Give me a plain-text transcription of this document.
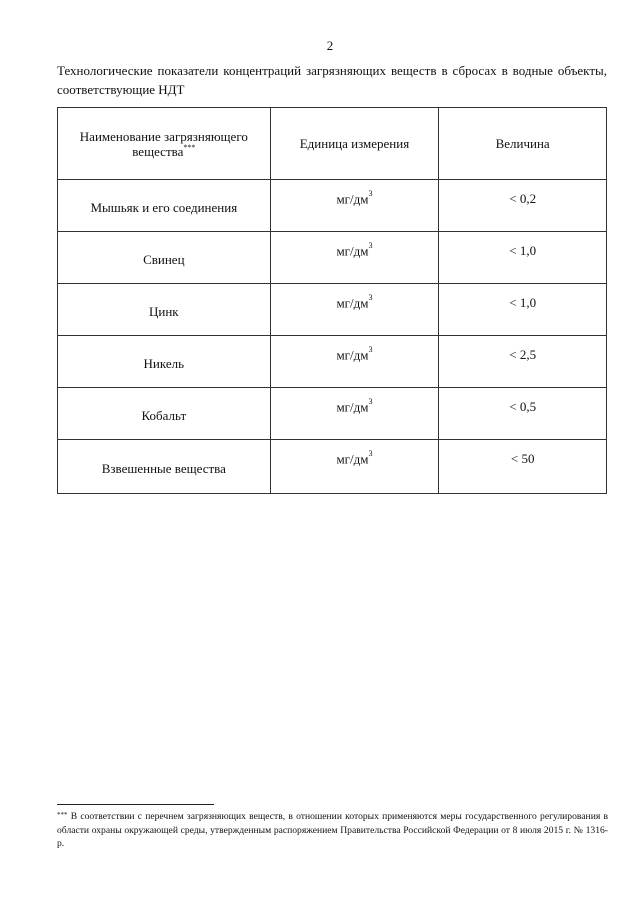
2
Технологические показатели концентраций загрязняющих веществ в сбросах в водные объекты, соответствующие НДТ
Наименование загрязняющего вещества***	Единица измерения	Величина
Мышьяк и его соединения	$мг/дм^3$	< 0,2
Свинец	$мг/дм^3$	< 1,0
Цинк	$мг/дм^3$	< 1,0
Никель	$мг/дм^3$	< 2,5
Кобальт	$мг/дм^3$	< 0,5
Взвешенные вещества	$мг/дм^3$	< 50
*** В соответствии с перечнем загрязняющих веществ, в отношении которых применяются меры государственного регулирования в области охраны окружающей среды, утвержденным распоряжением Правительства Российской Федерации от 8 июля 2015 г. № 1316-р.
